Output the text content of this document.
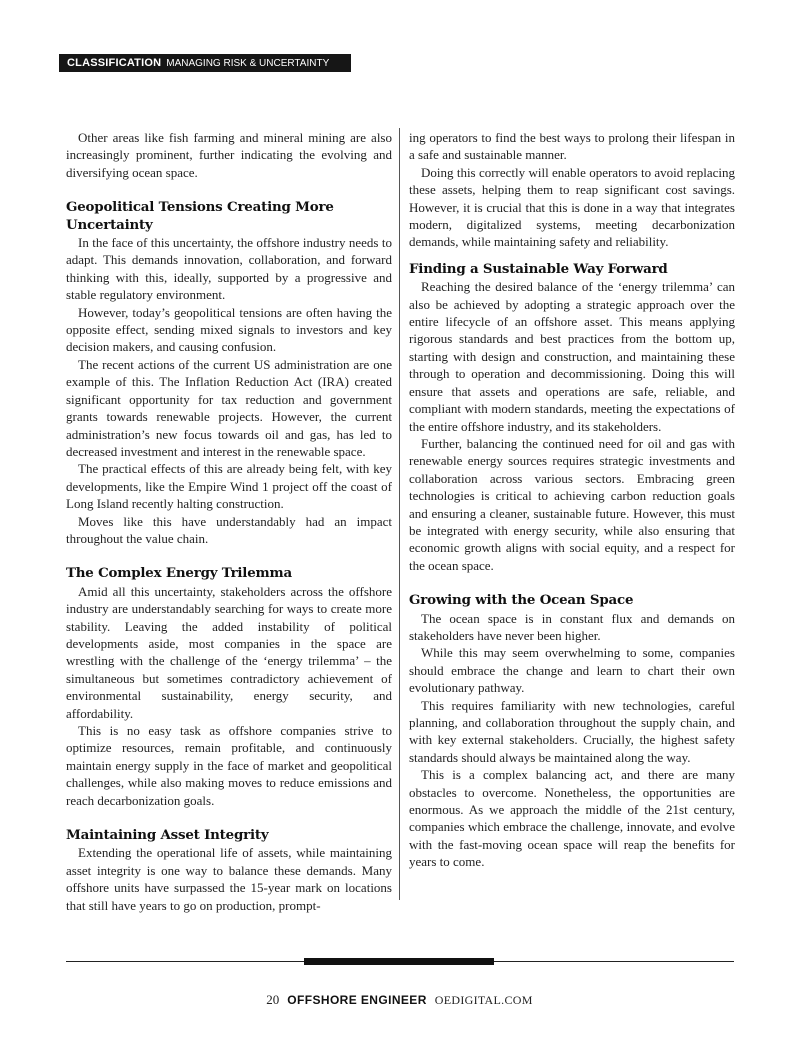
CLASSIFICATION MANAGING RISK & UNCERTAINTY

Other areas like fish farming and mineral mining are also increasingly prominent, further indicating the evolving and diversifying ocean space.

Geopolitical Tensions Creating More Uncertainty

In the face of this uncertainty, the offshore industry needs to adapt. This demands innovation, collaboration, and forward thinking with this, ideally, supported by a progressive and stable regulatory environment.

However, today’s geopolitical tensions are often having the opposite effect, sending mixed signals to investors and key decision makers, and causing confusion.

The recent actions of the current US administration are one example of this. The Inflation Reduction Act (IRA) created significant opportunity for tax reduction and government grants towards renewable projects. However, the current administration’s new focus towards oil and gas, has led to decreased investment and interest in the renewable space.

The practical effects of this are already being felt, with key developments, like the Empire Wind 1 project off the coast of Long Island recently halting construction.

Moves like this have understandably had an impact throughout the value chain.

The Complex Energy Trilemma

Amid all this uncertainty, stakeholders across the offshore industry are understandably searching for ways to create more stability. Leaving the added instability of political developments aside, most companies in the space are wrestling with the challenge of the ‘energy trilemma’ – the simultaneous but sometimes contradictory achievement of environmental sustainability, energy security, and affordability.

This is no easy task as offshore companies strive to optimize resources, remain profitable, and continuously maintain energy supply in the face of market and geopolitical challenges, while also making moves to reduce emissions and reach decarbonization goals.

Maintaining Asset Integrity

Extending the operational life of assets, while maintaining asset integrity is one way to balance these demands. Many offshore units have surpassed the 15-year mark on locations that still have years to go on production, prompt-

ing operators to find the best ways to prolong their lifespan in a safe and sustainable manner.

Doing this correctly will enable operators to avoid replacing these assets, helping them to reap significant cost savings. However, it is crucial that this is done in a way that integrates modern, digitalized systems, meeting decarbonization demands, while maintaining safety and reliability.

Finding a Sustainable Way Forward

Reaching the desired balance of the ‘energy trilemma’ can also be achieved by adopting a strategic approach over the entire lifecycle of an offshore asset. This means applying rigorous standards and best practices from the bottom up, starting with design and construction, and maintaining these through to operation and decommissioning. Doing this will ensure that assets and operations are safe, reliable, and compliant with modern standards, meeting the expectations of the entire offshore industry, and its stakeholders.

Further, balancing the continued need for oil and gas with renewable energy sources requires strategic investments and collaboration across various sectors. Embracing green technologies is critical to achieving carbon reduction goals and ensuring a cleaner, sustainable future. However, this must be integrated with energy security, while also ensuring that economic growth aligns with social equity, and a respect for the ocean space.

Growing with the Ocean Space

The ocean space is in constant flux and demands on stakeholders have never been higher.

While this may seem overwhelming to some, companies should embrace the change and learn to chart their own evolutionary pathway.

This requires familiarity with new technologies, careful planning, and collaboration throughout the supply chain, and with key external stakeholders. Crucially, the highest safety standards should always be maintained along the way.

This is a complex balancing act, and there are many obstacles to overcome. Nonetheless, the opportunities are enormous. As we approach the middle of the 21st century, companies which embrace the challenge, innovate, and evolve with the fast-moving ocean space will reap the benefits for years to come.

20 OFFSHORE ENGINEER OEDIGITAL.COM
